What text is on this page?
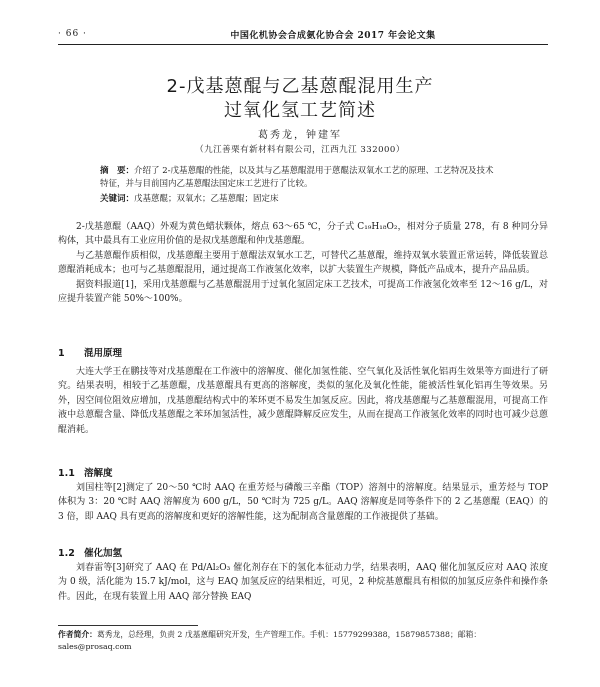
· 66 ·	中国化机协会合成氨化协合会 2017 年会论文集
2-戊基蒽醌与乙基蒽醌混用生产
过氧化氢工艺简述
葛秀龙，钟建军
（九江善栗有新材料有限公司，江西九江 332000）
摘　要：介绍了 2-戊基蒽醌的性能，以及其与乙基蒽醌混用于蒽醌法双氧水工艺的原理、工艺特况及技术特征，并与目前国内乙基蒽醌法国定床工艺进行了比较。
关键词：戊基蒽醌；双氧水；乙基蒽醌；固定床

2-戊基蒽醌（AAQ）外观为黄色蜡状颗体，熔点 63～65 ℃，分子式 C₁₉H₁₈O₂，相对分子质量 278，有 8 种同分异构体，其中最具有工业应用价值的是叔戊基蒽醌和仲戊基蒽醌。

与乙基蒽醌作质相似，戊基蒽醌主要用于蒽醌法双氧水工艺，可替代乙基蒽醌，维持双氧水装置正常运转，降低装置总蒽醌消耗成本；也可与乙基蒽醌混用，通过提高工作液氢化效率，以扩大装置生产规模，降低产品成本，提升产品品质。

据资料报道[1]，采用戊基蒽醌与乙基蒽醌混用于过氧化氢固定床工艺技术，可提高工作液氢化效率至 12～16 g/L，对应提升装置产能 50%～100%。

1 混用原理

大连大学王在鹏技等对戊基蒽醌在工作液中的溶解度、催化加氢性能、空气氧化及活性氧化铝再生效果等方面进行了研究。结果表明，相较于乙基蒽醌，戊基蒽醌具有更高的溶解度，类似的氢化及氧化性能，能被活性氧化铝再生等效果。另外，因空间位阻效应增加，戊基蒽醌结构式中的苯环更不易发生加氢反应。因此，将戊基蒽醌与乙基蒽醌混用，可提高工作液中总蒽醌含量、降低戊基蒽醌之苯环加氢活性，减少蒽醌降解反应发生，从而在提高工作液氢化效率的同时也可减少总蒽醌消耗。

1.1 溶解度

刘国柱等[2]测定了 20～50 ℃时 AAQ 在重芳烃与磷酸三辛酯（TOP）溶剂中的溶解度。结果显示，重芳烃与 TOP 体积为 3：20 ℃时 AAQ 溶解度为 600 g/L，50 ℃时为 725 g/L。AAQ 溶解度是同等条件下的 2 乙基蒽醌（EAQ）的 3 倍，即 AAQ 具有更高的溶解度和更好的溶解性能，这为配制高含量蒽醌的工作液提供了基础。

1.2 催化加氢

刘春雷等[3]研究了 AAQ 在 Pd/Al₂O₃ 催化剂存在下的氢化本征动力学，结果表明，AAQ 催化加氢反应对 AAQ 浓度为 0 级，活化能为 15.7 kJ/mol，这与 EAQ 加氢反应的结果相近，可见，2 种烷基蒽醌具有相似的加氢反应条件和操作条件。因此，在现有装置上用 AAQ 部分替换 EAQ

作者简介：葛秀龙，总经理，负责 2 戊基蒽醌研究开发，生产管理工作。手机：15779299388，15879857388；邮箱：sales@prosaq.com
